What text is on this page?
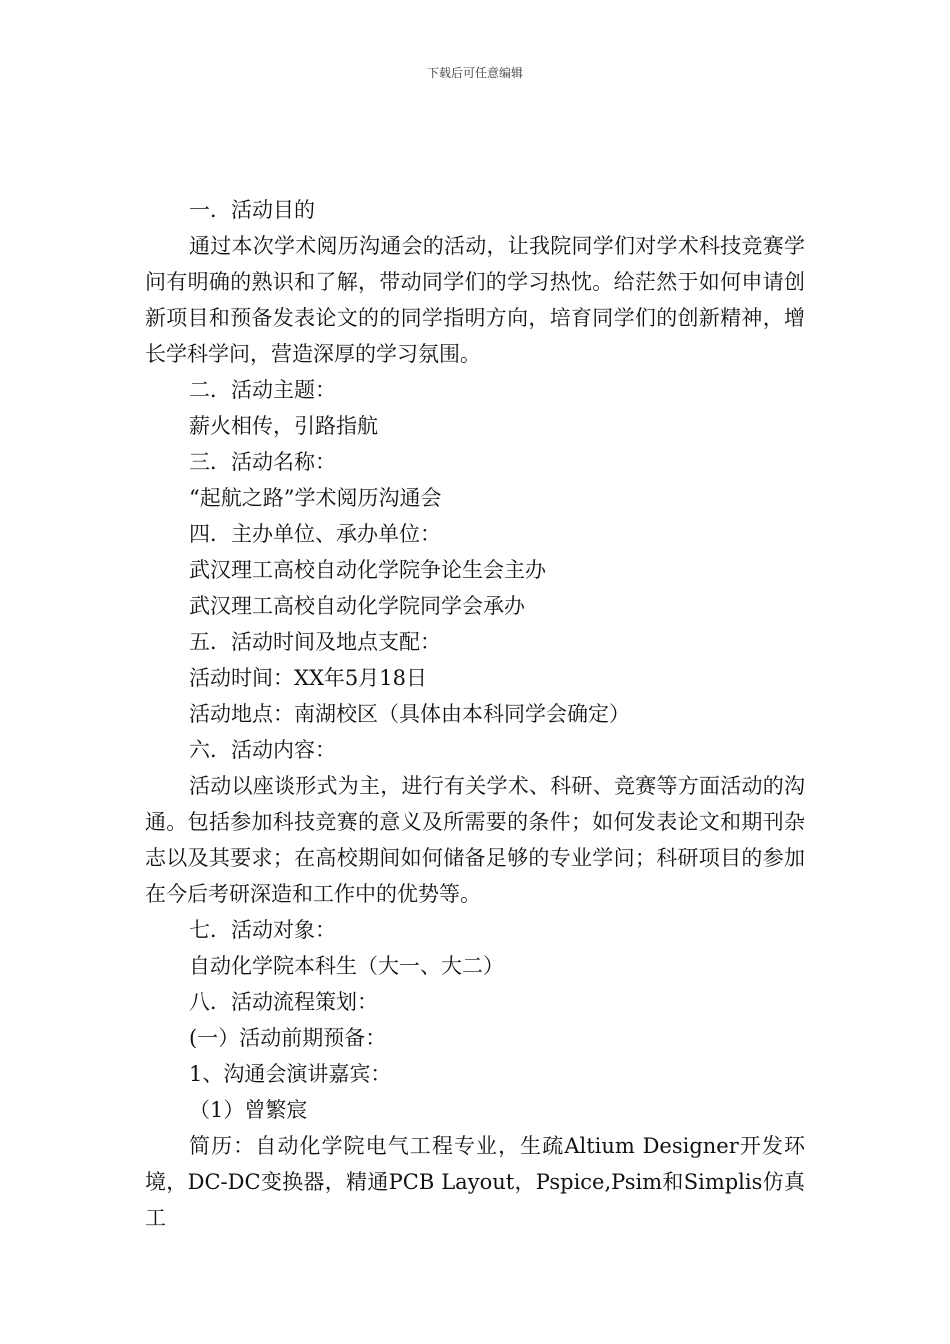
下载后可任意编辑

一．活动目的

通过本次学术阅历沟通会的活动，让我院同学们对学术科技竞赛学问有明确的熟识和了解，带动同学们的学习热忱。给茫然于如何申请创新项目和预备发表论文的的同学指明方向，培育同学们的创新精神，增长学科学问，营造深厚的学习氛围。

二．活动主题：

薪火相传，引路指航

三．活动名称：

“起航之路”学术阅历沟通会

四．主办单位、承办单位：

武汉理工高校自动化学院争论生会主办

武汉理工高校自动化学院同学会承办

五．活动时间及地点支配：

活动时间：XX年5月18日

活动地点：南湖校区（具体由本科同学会确定）

六．活动内容：

活动以座谈形式为主，进行有关学术、科研、竞赛等方面活动的沟通。包括参加科技竞赛的意义及所需要的条件；如何发表论文和期刊杂志以及其要求；在高校期间如何储备足够的专业学问；科研项目的参加在今后考研深造和工作中的优势等。

七．活动对象：

自动化学院本科生（大一、大二）

八．活动流程策划：

(一）活动前期预备：

1、沟通会演讲嘉宾：

（1）曾繁宸

简历：自动化学院电气工程专业，生疏Altium Designer开发环境，DC-DC变换器，精通PCB Layout，Pspice,Psim和Simplis仿真工
